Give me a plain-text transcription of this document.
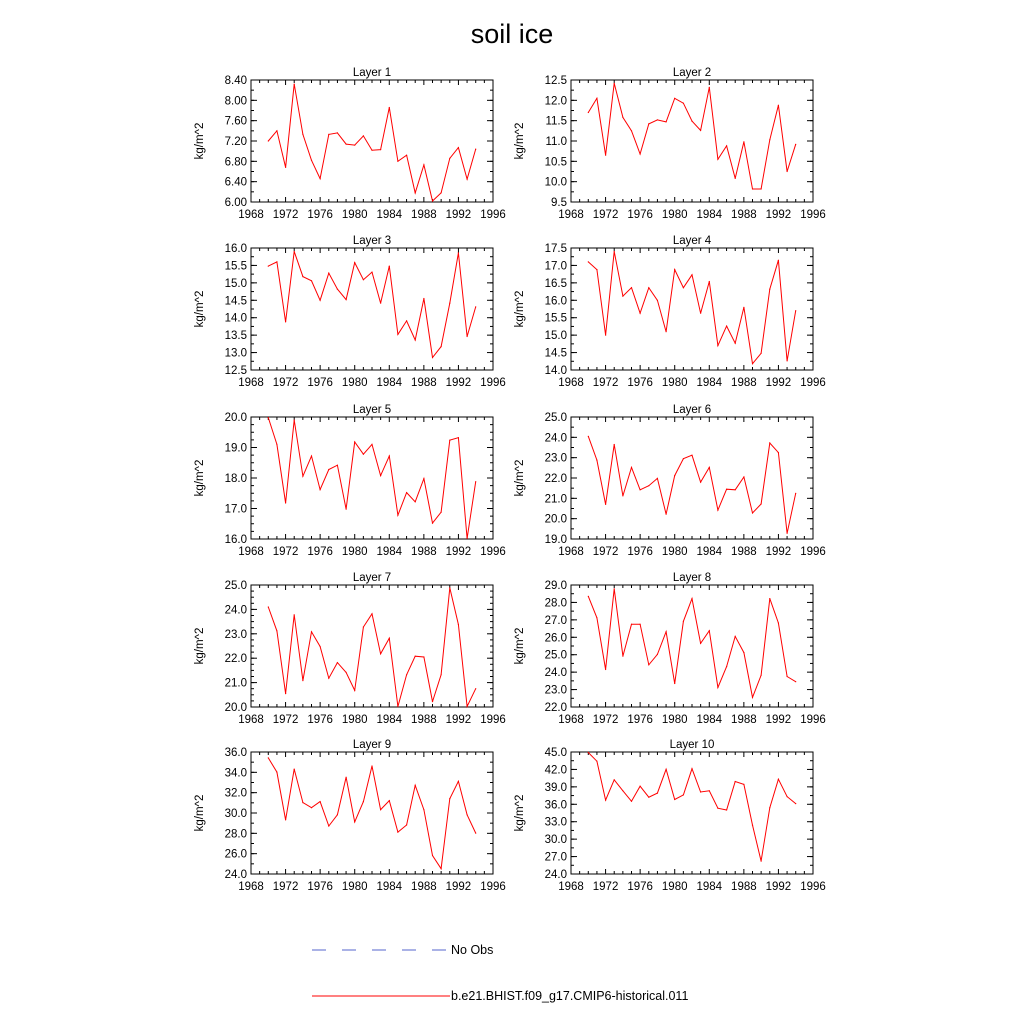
soil ice
Layer 1
kg/m^2
1968 1972 1976 1980 1984 1988 1992 1996
6.00
6.40
6.80
7.20
7.60
8.00
8.40
Layer 2
kg/m^2
1968 1972 1976 1980 1984 1988 1992 1996
9.5
10.0
10.5
11.0
11.5
12.0
12.5
Layer 3
kg/m^2
1968 1972 1976 1980 1984 1988 1992 1996
12.5
13.0
13.5
14.0
14.5
15.0
15.5
16.0
Layer 4
kg/m^2
1968 1972 1976 1980 1984 1988 1992 1996
14.0
14.5
15.0
15.5
16.0
16.5
17.0
17.5
Layer 5
kg/m^2
1968 1972 1976 1980 1984 1988 1992 1996
16.0
17.0
18.0
19.0
20.0
Layer 6
kg/m^2
1968 1972 1976 1980 1984 1988 1992 1996
19.0
20.0
21.0
22.0
23.0
24.0
25.0
Layer 7
kg/m^2
1968 1972 1976 1980 1984 1988 1992 1996
20.0
21.0
22.0
23.0
24.0
25.0
Layer 8
kg/m^2
1968 1972 1976 1980 1984 1988 1992 1996
22.0
23.0
24.0
25.0
26.0
27.0
28.0
29.0
Layer 9
kg/m^2
1968 1972 1976 1980 1984 1988 1992 1996
24.0
26.0
28.0
30.0
32.0
34.0
36.0
Layer 10
kg/m^2
1968 1972 1976 1980 1984 1988 1992 1996
24.0
27.0
30.0
33.0
36.0
39.0
42.0
45.0
No Obs
b.e21.BHIST.f09_g17.CMIP6-historical.011
